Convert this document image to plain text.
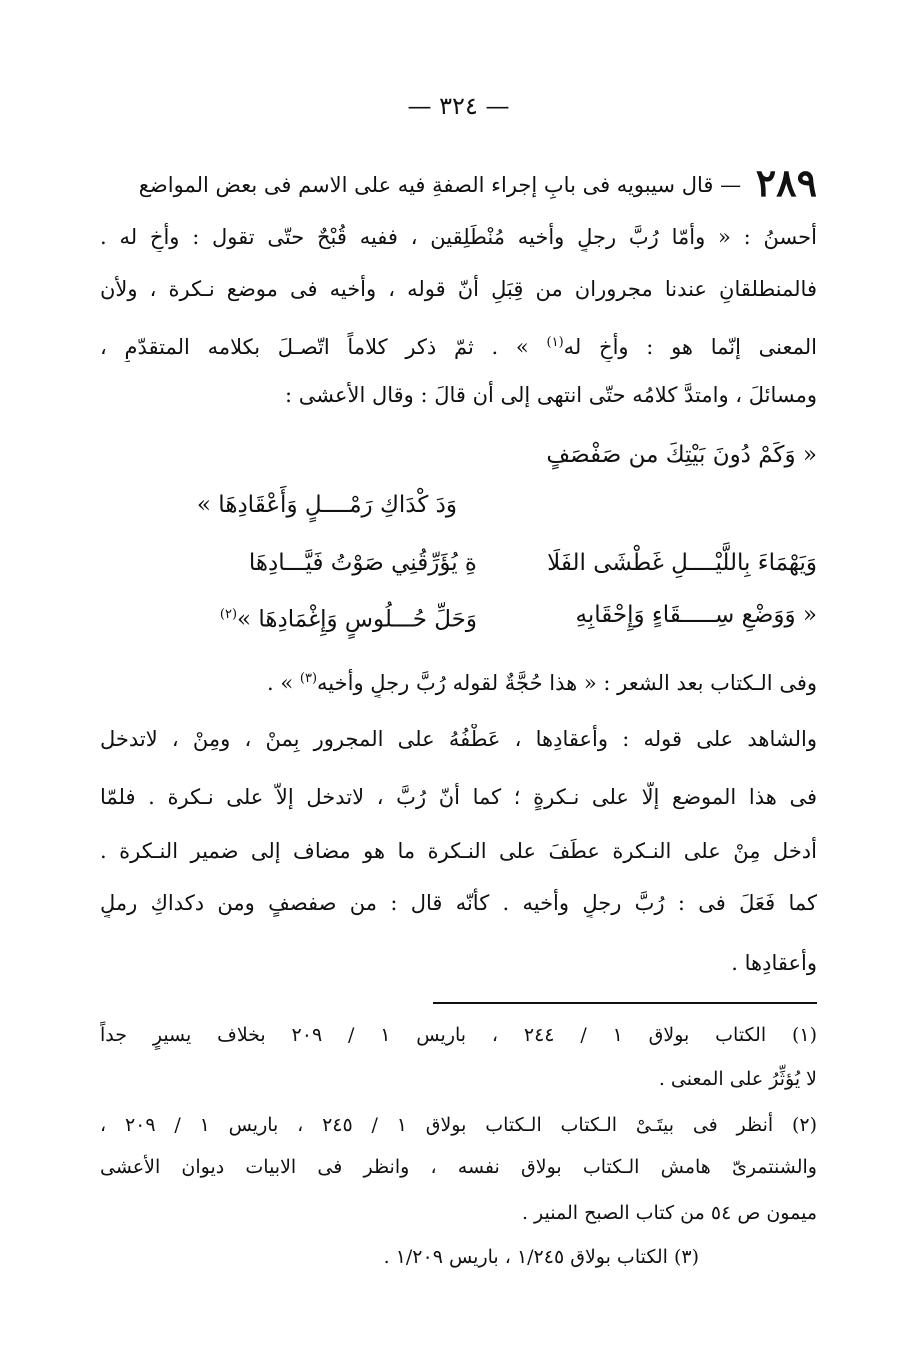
— ٣٢٤ —
٢٨٩ — قال سيبويه فى بابِ إجراء الصفةِ فيه على الاسم فى بعض المواضع
أحسنُ : « وأمّا رُبَّ رجلٍ وأخيه مُنْطَلِقين ، ففيه قُبْحٌ حتّى تقول : وأخٍ له .
فالمنطلقانِ عندنا مجروران من قِبَلِ أنّ قوله ، وأخيه فى موضع نـكرة ، ولأن
المعنى إنّما هو : وأخٍ له$^{(١)}$ » . ثمّ ذكر كلاماً اتّصـلَ بكلامه المتقدّمِ ،
ومسائلَ ، وامتدَّ كلامُه حتّى انتهى إلى أن قالَ : وقال الأعشى :
« وَكَمْ دُونَ بَيْتِكَ من صَفْصَفٍ
وَدَ كْدَاكِ رَمْــــلٍ وَأَعْقَادِهَا »
وَيَهْمَاءَ بِاللَّيْــــلِ غَطْشَى الفَلَا
ةِ يُؤَرِّقُنِي صَوْتُ فَيَّـــادِهَا
« وَوَضْعِ سِـــــقَاءٍ وَإِحْقَابِهِ
وَحَلِّ حُـــلُوسٍ وَإِغْمَادِهَا »$^{(٢)}$
وفى الـكتاب بعد الشعر : « هذا حُجَّةٌ لقوله رُبَّ رجلٍ وأخيه$^{(٣)}$ » .
والشاهد على قوله : وأعقادِها ، عَطْفُهُ على المجرور بِمنْ ، ومِنْ ، لاتدخل
فى هذا الموضع إلّا على نـكرةٍ ؛ كما أنّ رُبَّ ، لاتدخل إلاّ على نـكرة . فلمّا
أدخل مِنْ على النـكرة عطَفَ على النـكرة ما هو مضاف إلى ضمير النـكرة .
كما فَعَلَ فى : رُبَّ رجلٍ وأخيه . كأنّه قال : من صفصفٍ ومن دكداكِ رملٍ
وأعقادِها .
(١) الكتاب بولاق ١ / ٢٤٤ ، باريس ١ / ٢٠٩ بخلاف يسيرٍ جداً
لا يُؤثِّرُ على المعنى .
(٢) أنظر فى بيتَـىْ الـكتاب الـكتاب بولاق ١ / ٢٤٥ ، باريس ١ / ٢٠٩ ،
والشنتمرىّ هامش الـكتاب بولاق نفسه ، وانظر فى الابيات ديوان الأعشى
ميمون ص ٥٤ من كتاب الصبح المنير .
(٣) الكتاب بولاق ١/٢٤٥ ، باريس ١/٢٠٩ .
